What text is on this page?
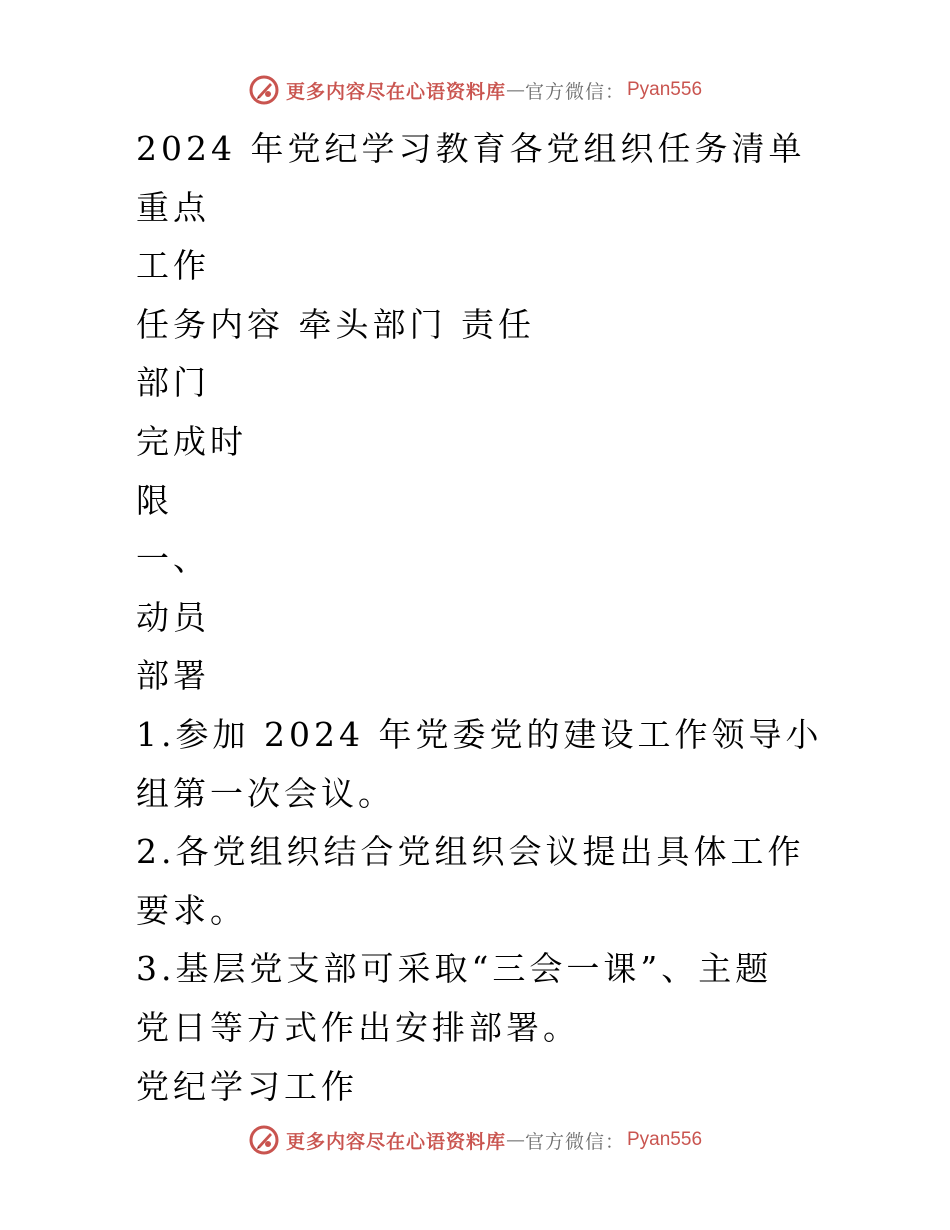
更多内容尽在心语资料库 — 官方微信： Pyan556
2024 年党纪学习教育各党组织任务清单
重点
工作
任务内容 牵头部门 责任
部门
完成时
限
一、
动员
部署
1.参加 2024 年党委党的建设工作领导小
组第一次会议。
2.各党组织结合党组织会议提出具体工作
要求。
3.基层党支部可采取“三会一课”、主题
党日等方式作出安排部署。
党纪学习工作
更多内容尽在心语资料库 — 官方微信： Pyan556
